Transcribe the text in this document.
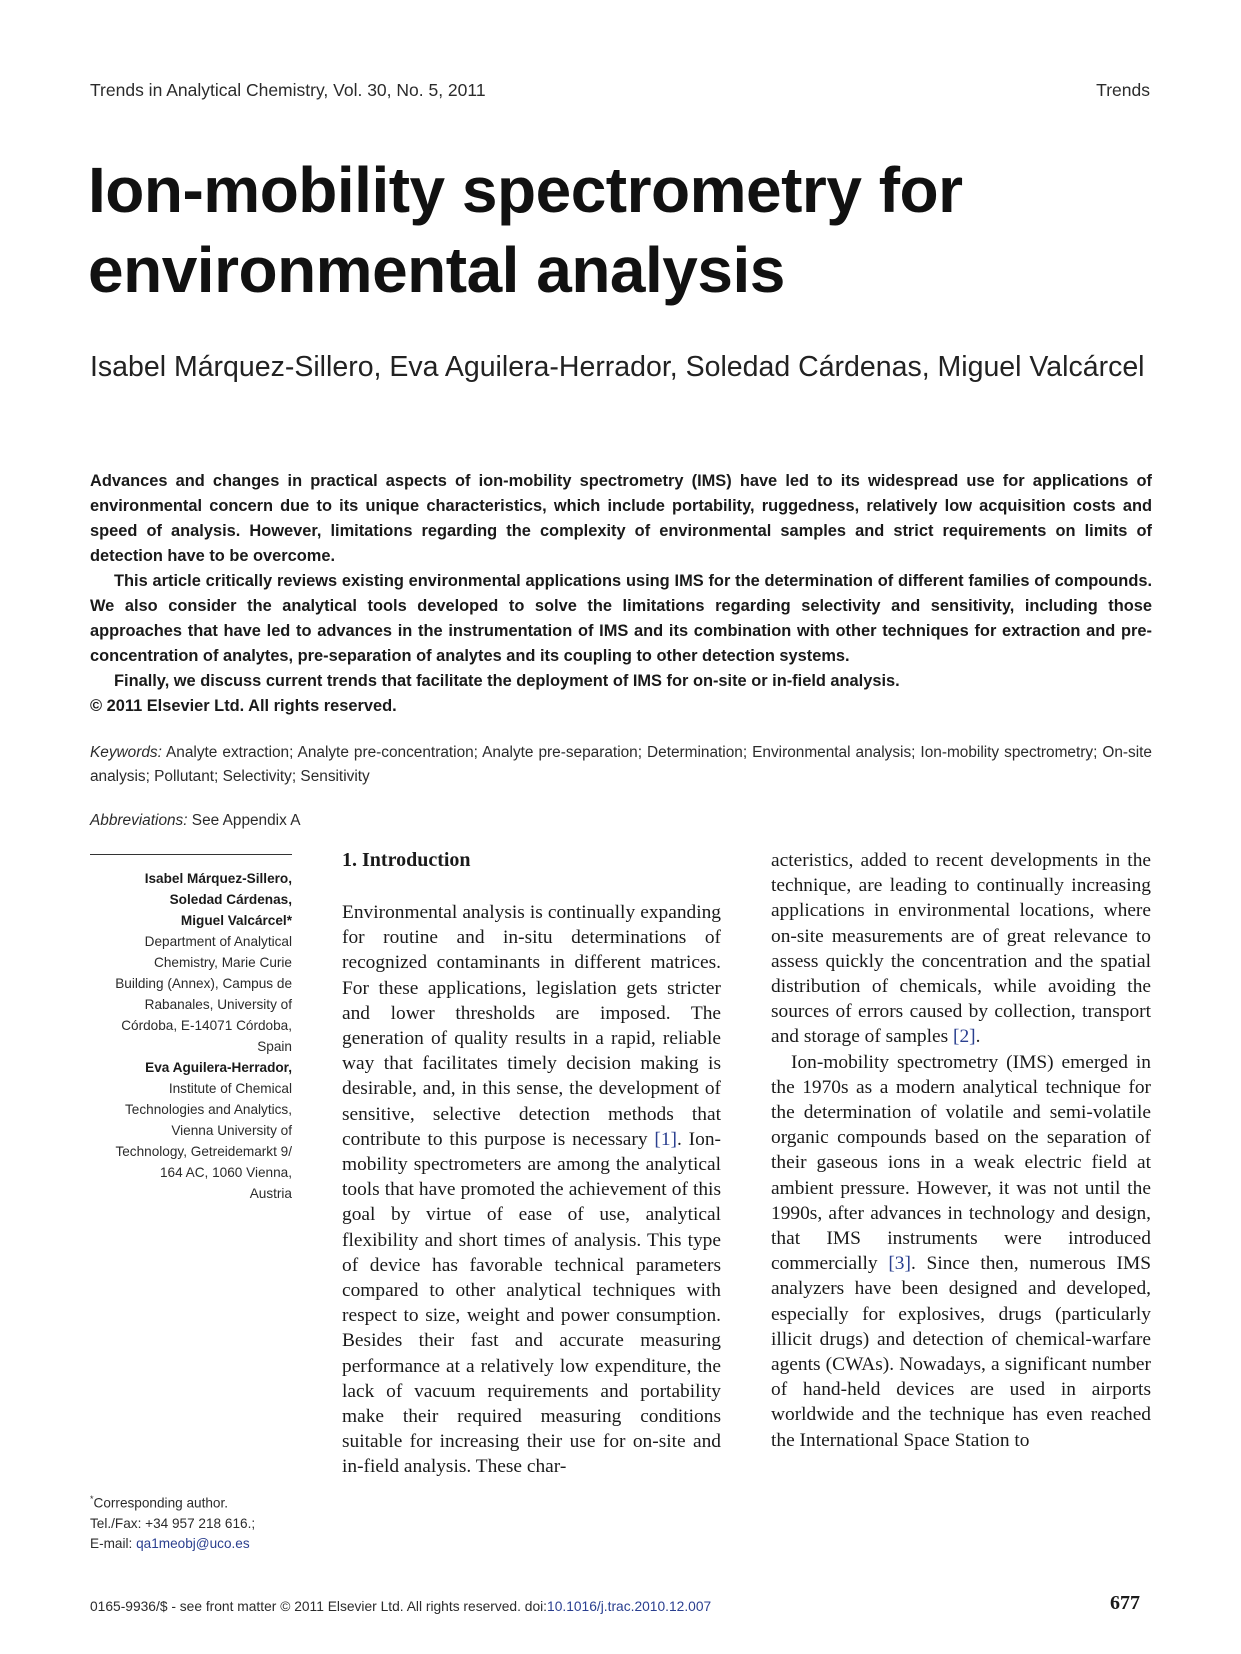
Trends in Analytical Chemistry, Vol. 30, No. 5, 2011	Trends
Ion-mobility spectrometry for environmental analysis
Isabel Márquez-Sillero, Eva Aguilera-Herrador, Soledad Cárdenas, Miguel Valcárcel

Advances and changes in practical aspects of ion-mobility spectrometry (IMS) have led to its widespread use for applications of environmental concern due to its unique characteristics, which include portability, ruggedness, relatively low acquisition costs and speed of analysis. However, limitations regarding the complexity of environmental samples and strict requirements on limits of detection have to be overcome.

This article critically reviews existing environmental applications using IMS for the determination of different families of compounds. We also consider the analytical tools developed to solve the limitations regarding selectivity and sensitivity, including those approaches that have led to advances in the instrumentation of IMS and its combination with other techniques for extraction and pre-concentration of analytes, pre-separation of analytes and its coupling to other detection systems.

Finally, we discuss current trends that facilitate the deployment of IMS for on-site or in-field analysis.

© 2011 Elsevier Ltd. All rights reserved.

Keywords: Analyte extraction; Analyte pre-concentration; Analyte pre-separation; Determination; Environmental analysis; Ion-mobility spectrometry; On-site analysis; Pollutant; Selectivity; Sensitivity
Abbreviations: See Appendix A
Isabel Márquez-Sillero,
Soledad Cárdenas,
Miguel Valcárcel*
Department of Analytical
Chemistry, Marie Curie
Building (Annex), Campus de
Rabanales, University of
Córdoba, E-14071 Córdoba,
Spain
Eva Aguilera-Herrador,
Institute of Chemical
Technologies and Analytics,
Vienna University of
Technology, Getreidemarkt 9/
164 AC, 1060 Vienna,
Austria
*Corresponding author.
Tel./Fax: +34 957 218 616.;
E-mail: qa1meobj@uco.es
1. Introduction

Environmental analysis is continually expanding for routine and in-situ determinations of recognized contaminants in different matrices. For these applications, legislation gets stricter and lower thresholds are imposed. The generation of quality results in a rapid, reliable way that facilitates timely decision making is desirable, and, in this sense, the development of sensitive, selective detection methods that contribute to this purpose is necessary [1]. Ion-mobility spectrometers are among the analytical tools that have promoted the achievement of this goal by virtue of ease of use, analytical flexibility and short times of analysis. This type of device has favorable technical parameters compared to other analytical techniques with respect to size, weight and power consumption. Besides their fast and accurate measuring performance at a relatively low expenditure, the lack of vacuum requirements and portability make their required measuring conditions suitable for increasing their use for on-site and in-field analysis. These char-

acteristics, added to recent developments in the technique, are leading to continually increasing applications in environmental locations, where on-site measurements are of great relevance to assess quickly the concentration and the spatial distribution of chemicals, while avoiding the sources of errors caused by collection, transport and storage of samples [2].

Ion-mobility spectrometry (IMS) emerged in the 1970s as a modern analytical technique for the determination of volatile and semi-volatile organic compounds based on the separation of their gaseous ions in a weak electric field at ambient pressure. However, it was not until the 1990s, after advances in technology and design, that IMS instruments were introduced commercially [3]. Since then, numerous IMS analyzers have been designed and developed, especially for explosives, drugs (particularly illicit drugs) and detection of chemical-warfare agents (CWAs). Nowadays, a significant number of hand-held devices are used in airports worldwide and the technique has even reached the International Space Station to

0165-9936/$ - see front matter © 2011 Elsevier Ltd. All rights reserved. doi:10.1016/j.trac.2010.12.007	677
